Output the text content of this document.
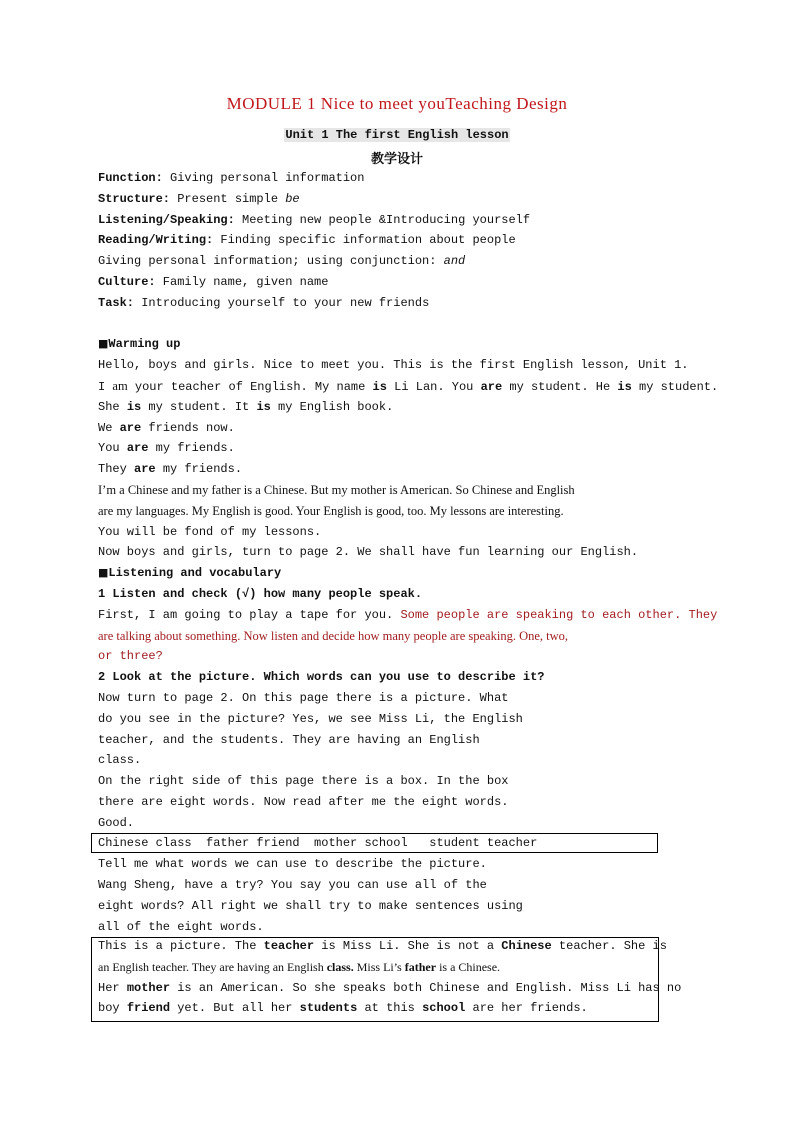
MODULE 1 Nice to meet youTeaching Design
Unit 1 The first English lesson
教学设计
Function: Giving personal information
Structure: Present simple be
Listening/Speaking: Meeting new people &Introducing yourself
Reading/Writing: Finding specific information about people
Giving personal information; using conjunction: and
Culture: Family name, given name
Task: Introducing yourself to your new friends
■Warming up
Hello, boys and girls. Nice to meet you. This is the first English lesson, Unit 1.
I am your teacher of English. My name is Li Lan. You are my student. He is my student.
She is my student. It is my English book.
We are friends now.
You are my friends.
They are my friends.
I’m a Chinese and my father is a Chinese. But my mother is American. So Chinese and English
are my languages. My English is good. Your English is good, too. My lessons are interesting.
You will be fond of my lessons.
Now boys and girls, turn to page 2. We shall have fun learning our English.
■Listening and vocabulary
1 Listen and check (√) how many people speak.
First, I am going to play a tape for you. Some people are speaking to each other. They
are talking about something. Now listen and decide how many people are speaking. One, two,
or three?
2 Look at the picture. Which words can you use to describe it?
Now turn to page 2. On this page there is a picture. What
do you see in the picture? Yes, we see Miss Li, the English
teacher, and the students. They are having an English
class.
On the right side of this page there is a box. In the box
there are eight words. Now read after me the eight words.
Good.
Tell me what words we can use to describe the picture.
Wang Sheng, have a try? You say you can use all of the
eight words? All right we shall try to make sentences using
all of the eight words.
Chinese class  father friend  mother school   student teacher
This is a picture. The teacher is Miss Li. She is not a Chinese teacher. She is
an English teacher. They are having an English class. Miss Li’s father is a Chinese.
Her mother is an American. So she speaks both Chinese and English. Miss Li has no
boy friend yet. But all her students at this school are her friends.
